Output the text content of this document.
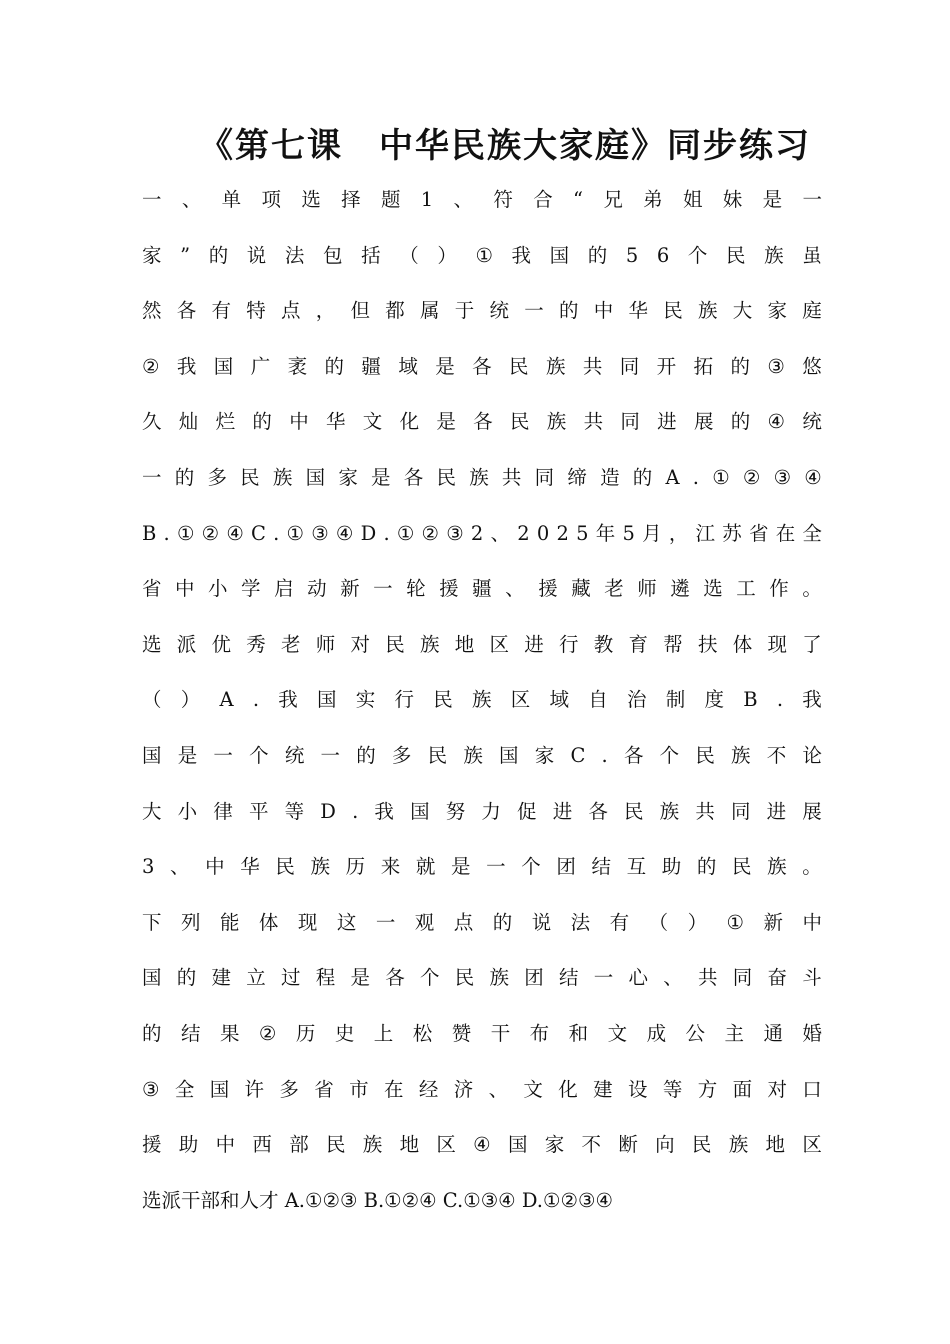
《第七课　中华民族大家庭》同步练习
一 、 单 项 选 择 题 1 、 符 合 “ 兄 弟 姐 妹 是 一
家 ” 的 说 法 包 括 （ ） ① 我 国 的 5 6 个 民 族 虽
然 各 有 特 点 ， 但 都 属 于 统 一 的 中 华 民 族 大 家 庭
② 我 国 广 袤 的 疆 域 是 各 民 族 共 同 开 拓 的 ③ 悠
久 灿 烂 的 中 华 文 化 是 各 民 族 共 同 进 展 的 ④ 统
一 的 多 民 族 国 家 是 各 民 族 共 同 缔 造 的 A . ① ② ③ ④
B . ① ② ④ C . ① ③ ④ D . ① ② ③ 2 、 2 0 2 5 年 5 月 ， 江 苏 省 在 全
省 中 小 学 启 动 新 一 轮 援 疆 、 援 藏 老 师 遴 选 工 作 。
选 派 优 秀 老 师 对 民 族 地 区 进 行 教 育 帮 扶 体 现 了
（ ） A . 我 国 实 行 民 族 区 域 自 治 制 度 B . 我
国 是 一 个 统 一 的 多 民 族 国 家 C . 各 个 民 族 不 论
大 小 律 平 等 D . 我 国 努 力 促 进 各 民 族 共 同 进 展
3 、 中 华 民 族 历 来 就 是 一 个 团 结 互 助 的 民 族 。
下 列 能 体 现 这 一 观 点 的 说 法 有 （ ） ① 新 中
国 的 建 立 过 程 是 各 个 民 族 团 结 一 心 、 共 同 奋 斗
的 结 果 ② 历 史 上 松 赞 干 布 和 文 成 公 主 通 婚
③ 全 国 许 多 省 市 在 经 济 、 文 化 建 设 等 方 面 对 口
援 助 中 西 部 民 族 地 区 ④ 国 家 不 断 向 民 族 地 区
选派干部和人才 A.①②③ B.①②④ C.①③④ D.①②③④
